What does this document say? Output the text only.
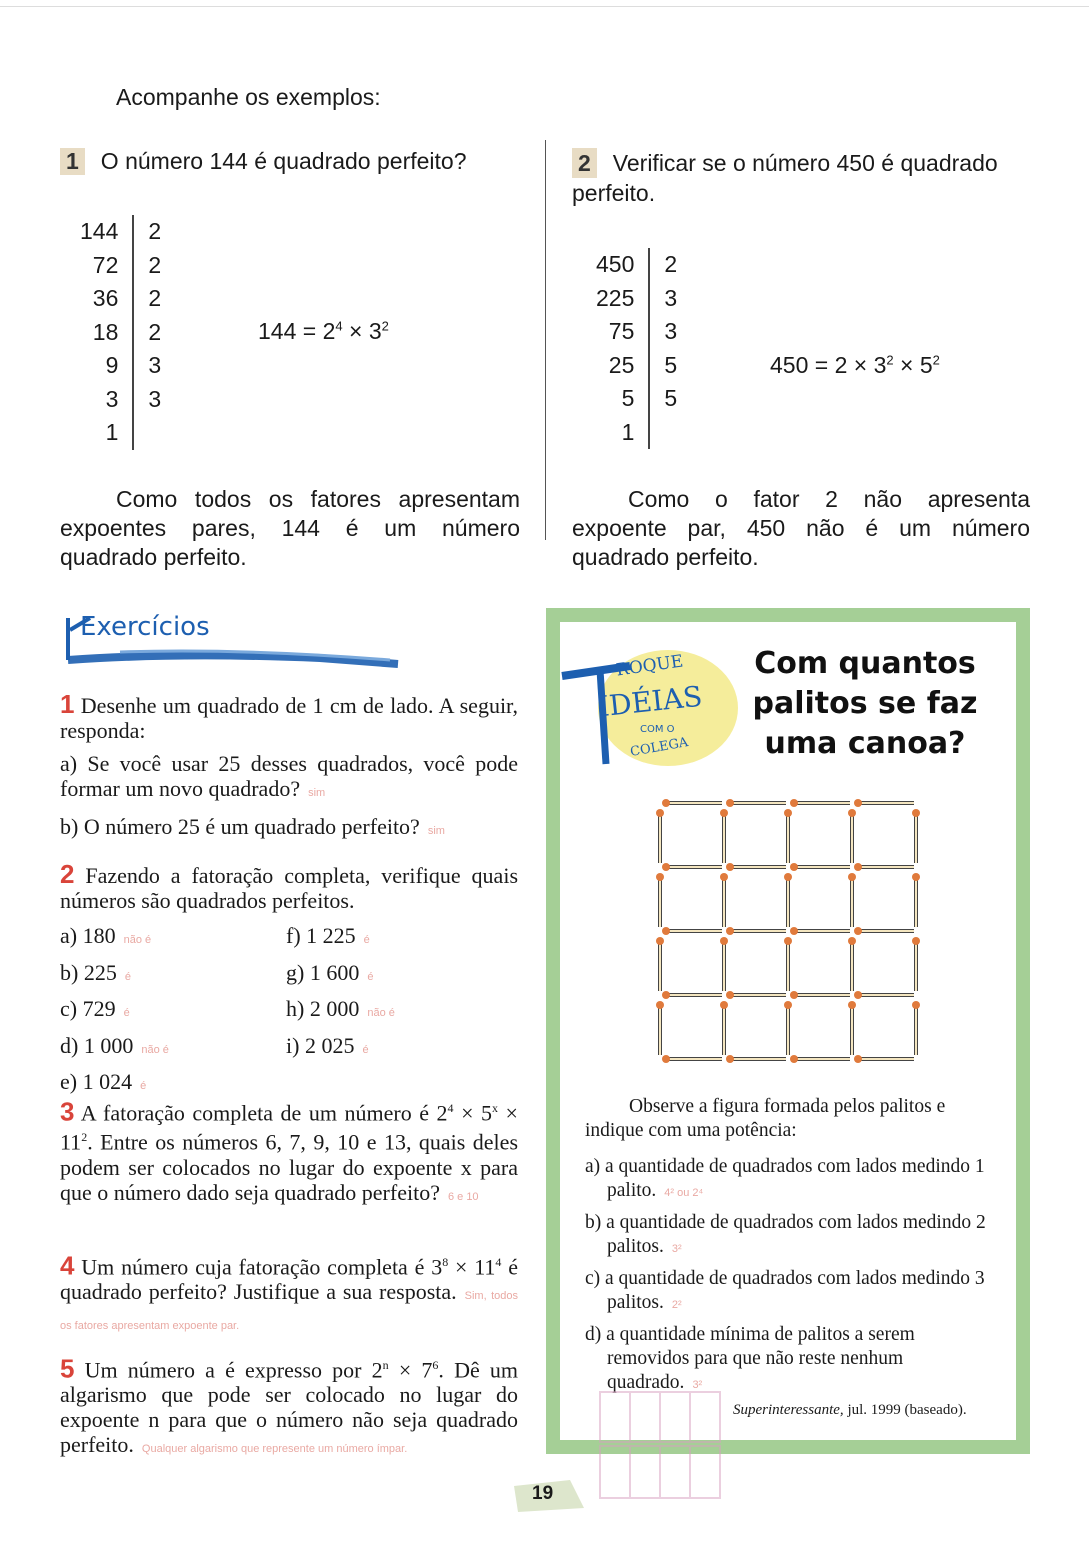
Acompanhe os exemplos:
1 O número 144 é quadrado perfeito?
144	2
72	2
36	2
18	2
9	3
3	3
1	
$144 = 2^4 \times 3^2$
Como todos os fatores apresentam expoentes pares, 144 é um número quadrado perfeito.
2 Verificar se o número 450 é quadrado perfeito.
450	2
225	3
75	3
25	5
5	5
1	
$450 = 2 \times 3^2 \times 5^2$
Como o fator 2 não apresenta expoente par, 450 não é um número quadrado perfeito.
Exercícios
1 Desenhe um quadrado de 1 cm de lado. A seguir, responda:
a) Se você usar 25 desses quadrados, você pode formar um novo quadrado? sim
b) O número 25 é um quadrado perfeito? sim
2 Fazendo a fatoração completa, verifique quais números são quadrados perfeitos.
a) 180 não é
b) 225 é
c) 729 é
d) 1 000 não é
e) 1 024 é
f) 1 225 é
g) 1 600 é
h) 2 000 não é
i) 2 025 é
3 A fatoração completa de um número é $2^4 \times 5^x \times 11^2$. Entre os números 6, 7, 9, 10 e 13, quais deles podem ser colocados no lugar do expoente x para que o número dado seja quadrado perfeito? 6 e 10
4 Um número cuja fatoração completa é $3^8 \times 11^4$ é quadrado perfeito? Justifique a sua resposta. Sim, todos os fatores apresentam expoente par.
5 Um número a é expresso por $2^n \times 7^6$. Dê um algarismo que pode ser colocado no lugar do expoente n para que o número não seja quadrado perfeito. Qualquer algarismo que represente um número ímpar.
ROQUE
IDÉIAS
COM O
COLEGA
Com quantos palitos se faz uma canoa?
Observe a figura formada pelos palitos e indique com uma potência:
a) a quantidade de quadrados com lados medindo 1 palito. 4² ou 2⁴
b) a quantidade de quadrados com lados medindo 2 palitos. 3²
c) a quantidade de quadrados com lados medindo 3 palitos. 2²
d) a quantidade mínima de palitos a serem removidos para que não reste nenhum quadrado. 3²
Superinteressante, jul. 1999 (baseado).
19
